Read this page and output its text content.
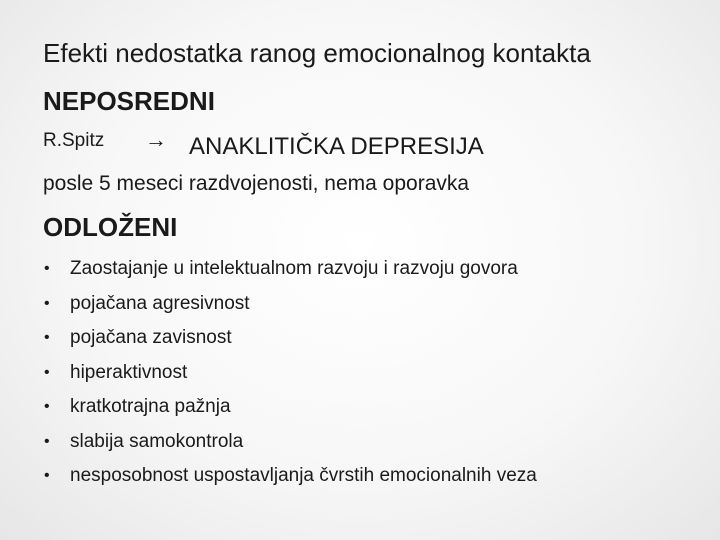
Efekti nedostatka ranog emocionalnog kontakta
NEPOSREDNI
R.Spitz → ANAKLITIČKA DEPRESIJA
posle 5 meseci razdvojenosti, nema oporavka
ODLOŽENI
• Zaostajanje u intelektualnom razvoju i razvoju govora
• pojačana agresivnost
• pojačana zavisnost
• hiperaktivnost
• kratkotrajna pažnja
• slabija samokontrola
• nesposobnost uspostavljanja čvrstih emocionalnih veza
